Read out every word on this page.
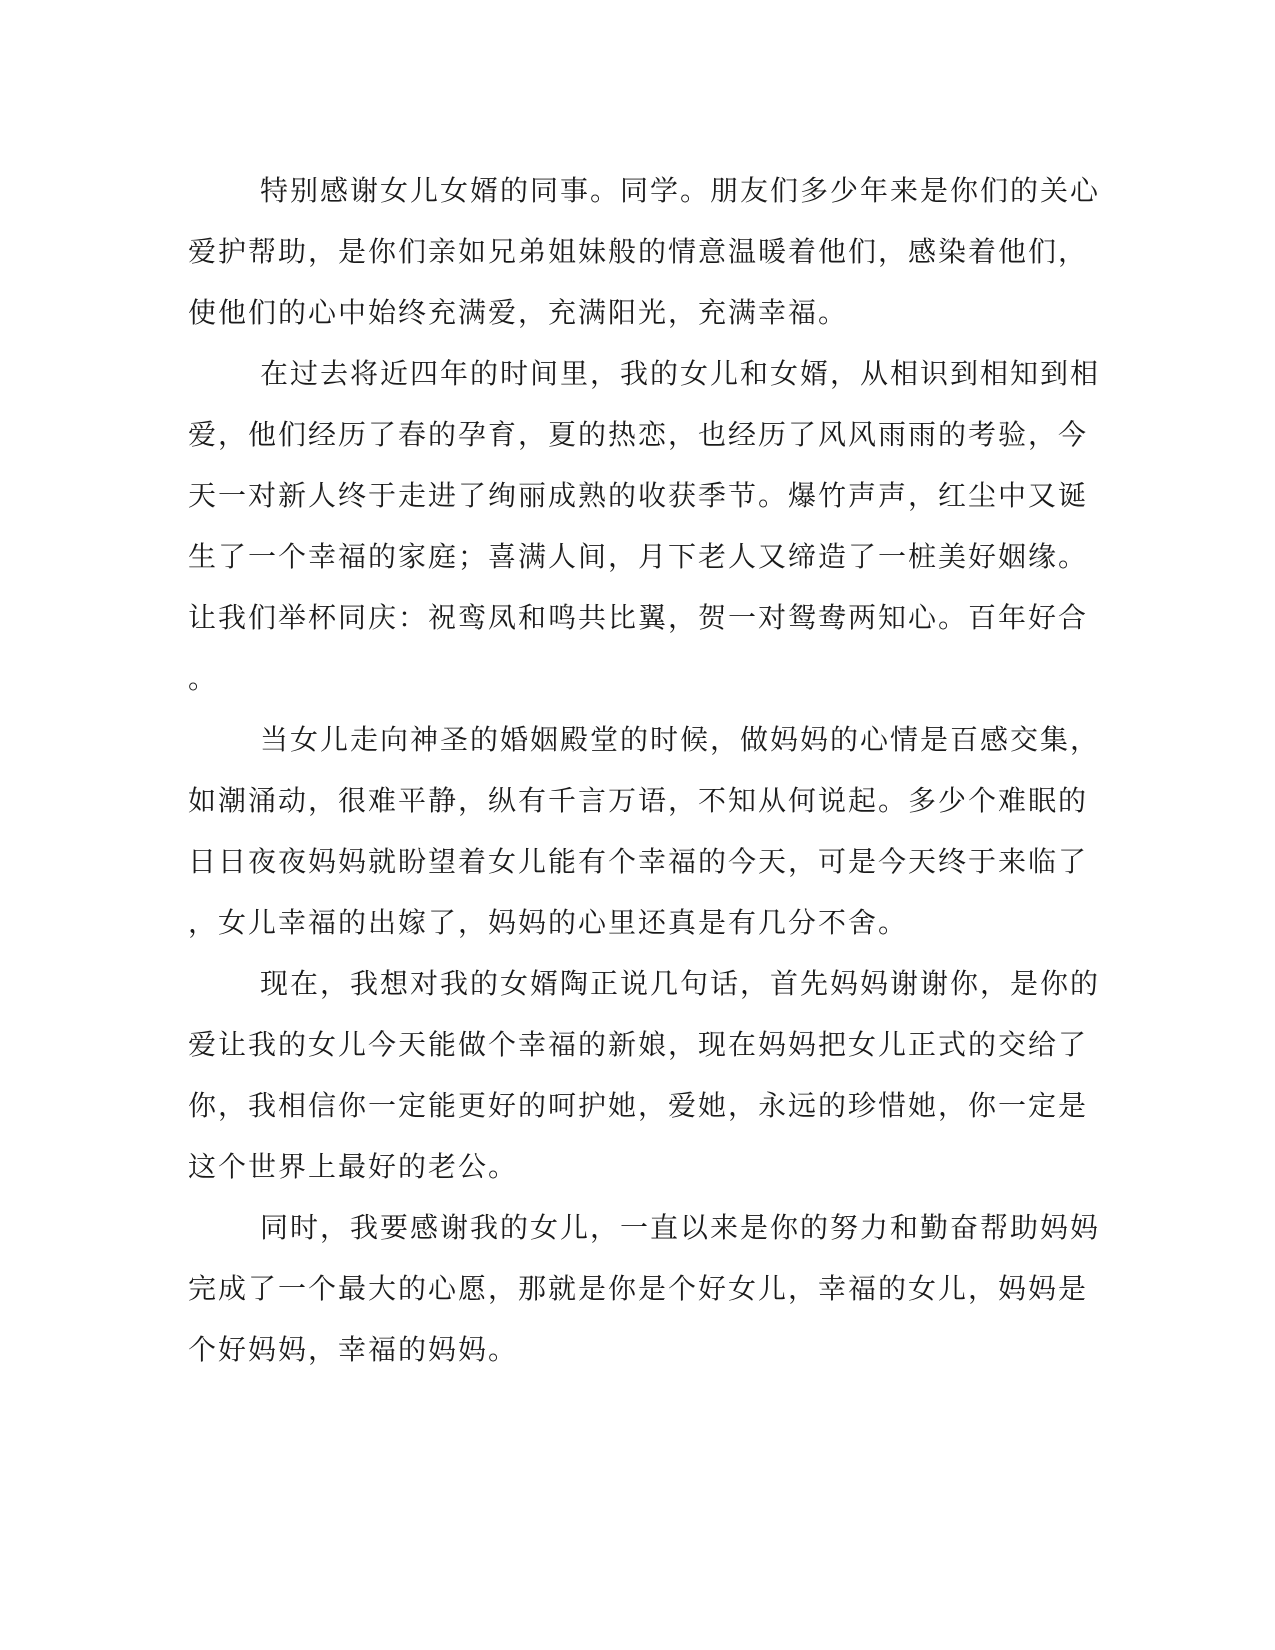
特别感谢女儿女婿的同事。同学。朋友们多少年来是你们的关心
爱护帮助，是你们亲如兄弟姐妹般的情意温暖着他们，感染着他们，
使他们的心中始终充满爱，充满阳光，充满幸福。
在过去将近四年的时间里，我的女儿和女婿，从相识到相知到相
爱，他们经历了春的孕育，夏的热恋，也经历了风风雨雨的考验，今
天一对新人终于走进了绚丽成熟的收获季节。爆竹声声，红尘中又诞
生了一个幸福的家庭；喜满人间，月下老人又缔造了一桩美好姻缘。
让我们举杯同庆：祝鸾凤和鸣共比翼，贺一对鸳鸯两知心。百年好合
。
当女儿走向神圣的婚姻殿堂的时候，做妈妈的心情是百感交集，
如潮涌动，很难平静，纵有千言万语，不知从何说起。多少个难眠的
日日夜夜妈妈就盼望着女儿能有个幸福的今天，可是今天终于来临了
，女儿幸福的出嫁了，妈妈的心里还真是有几分不舍。
现在，我想对我的女婿陶正说几句话，首先妈妈谢谢你，是你的
爱让我的女儿今天能做个幸福的新娘，现在妈妈把女儿正式的交给了
你，我相信你一定能更好的呵护她，爱她，永远的珍惜她，你一定是
这个世界上最好的老公。
同时，我要感谢我的女儿，一直以来是你的努力和勤奋帮助妈妈
完成了一个最大的心愿，那就是你是个好女儿，幸福的女儿，妈妈是
个好妈妈，幸福的妈妈。
